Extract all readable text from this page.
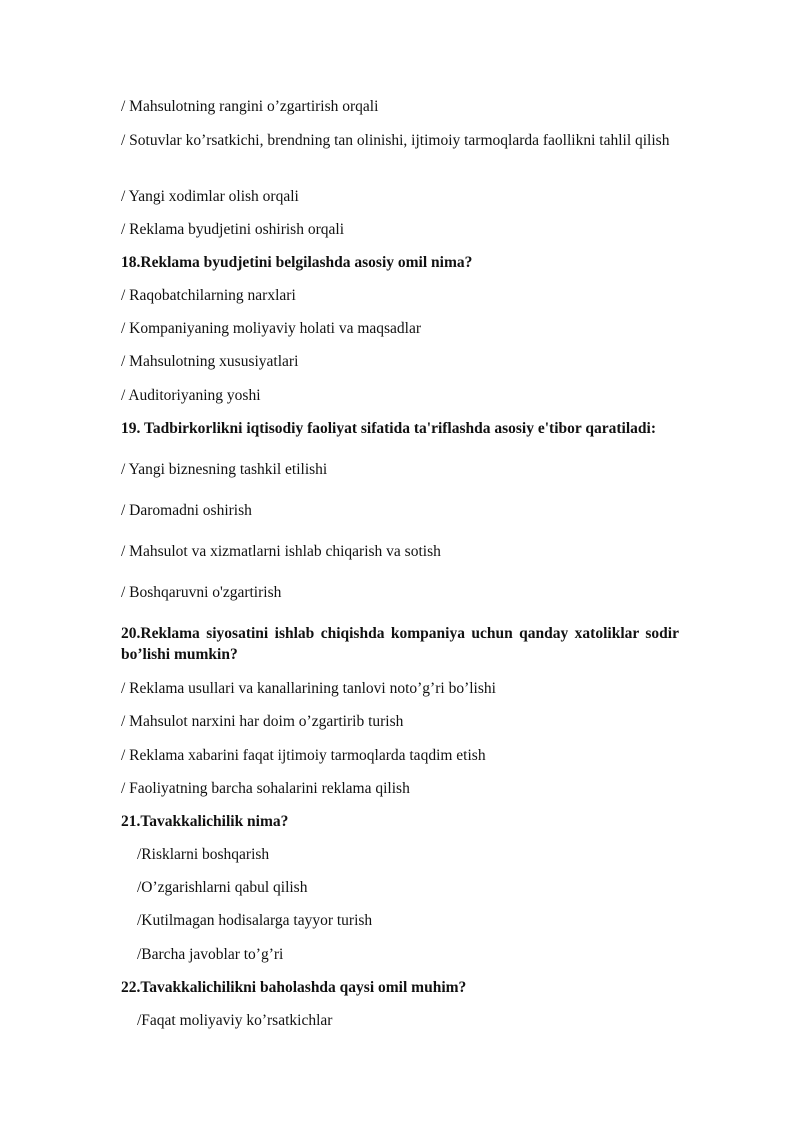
/ Mahsulotning rangini o’zgartirish orqali
/ Sotuvlar ko’rsatkichi, brendning tan olinishi, ijtimoiy tarmoqlarda faollikni tahlil qilish
/ Yangi xodimlar olish orqali
/ Reklama byudjetini oshirish orqali
18.Reklama byudjetini belgilashda asosiy omil nima?
/ Raqobatchilarning narxlari
/ Kompaniyaning moliyaviy holati va maqsadlar
/ Mahsulotning xususiyatlari
/ Auditoriyaning yoshi
19. Tadbirkorlikni iqtisodiy faoliyat sifatida ta'riflashda asosiy e'tibor qaratiladi:
/ Yangi biznesning tashkil etilishi
/ Daromadni oshirish
/ Mahsulot va xizmatlarni ishlab chiqarish va sotish
/ Boshqaruvni o'zgartirish
20.Reklama siyosatini ishlab chiqishda kompaniya uchun qanday xatoliklar sodir bo’lishi mumkin?
/ Reklama usullari va kanallarining tanlovi noto’g’ri bo’lishi
/ Mahsulot narxini har doim o’zgartirib turish
/ Reklama xabarini faqat ijtimoiy tarmoqlarda taqdim etish
/ Faoliyatning barcha sohalarini reklama qilish
21.Tavakkalichilik nima?
/Risklarni boshqarish
/O’zgarishlarni qabul qilish
/Kutilmagan hodisalarga tayyor turish
/Barcha javoblar to’g’ri
22.Tavakkalichilikni baholashda qaysi omil muhim?
/Faqat moliyaviy ko’rsatkichlar
